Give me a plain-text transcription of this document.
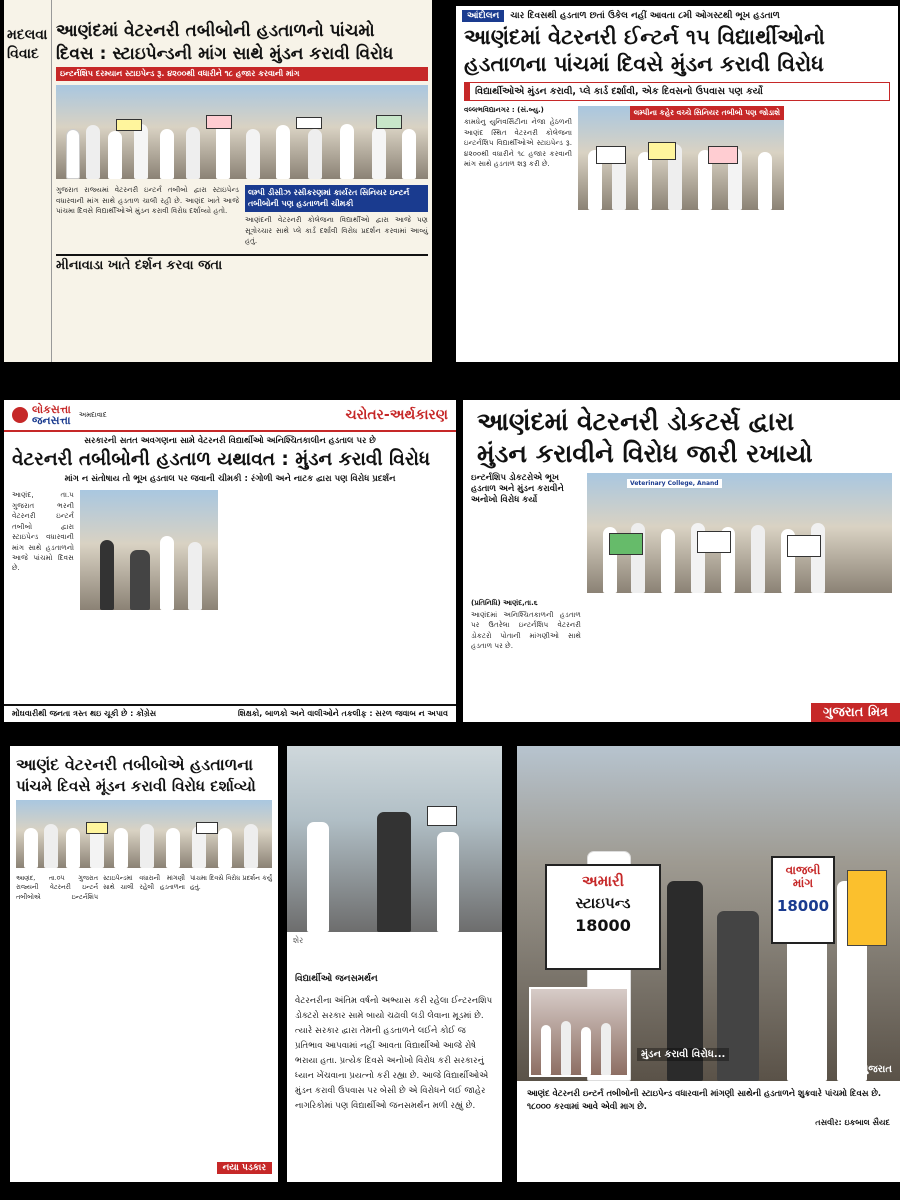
મદલવા
વિવાદ

આણંદમાં વેટરનરી તબીબોની હડતાળનો પાંચમો
દિવસ : સ્ટાઇપેન્ડની માંગ સાથે મુંડન કરાવી વિરોધ
ઇન્ટર્નશિપ દરમ્યાન સ્ટાઇપેન્ડ રૂ. ૪૨૦૦થી વધારીને ૧૮ હજાર કરવાની માંગ
ગુજરાત રાજ્યમાં વેટરનરી ઇન્ટર્ન તબીબો દ્વારા સ્ટાઇપેન્ડ વધારવાની માંગ સાથે હડતાળ ચાલી રહી છે. આણંદ ખાતે આજે પાંચમા દિવસે વિદ્યાર્થીઓએ મુંડન કરાવી વિરોધ દર્શાવ્યો હતો.
લમ્પી ડીસીઝ રસીકરણમાં કાર્યરત સિનિયર ઇન્ટર્ન તબીબોની પણ હડતાળની ચીમકી
આણંદની વેટરનરી કોલેજના વિદ્યાર્થીઓ દ્વારા આજે પણ સૂત્રોચ્ચાર સાથે પ્લે કાર્ડ દર્શાવી વિરોધ પ્રદર્શન કરવામાં આવ્યું હતું.
મીનાવાડા ખાતે દર્શન કરવા જતા
આંદોલન	ચાર દિવસથી હડતાળ છતાં ઉકેલ નહીં આવતા ૮મી ઓગસ્ટથી ભૂખ હડતાળ
આણંદમાં વેટરનરી ઈન્ટર્ન ૧૫ વિદ્યાર્થીઓનો
હડતાળના પાંચમાં દિવસે મુંડન કરાવી વિરોધ
વિદ્યાર્થીઓએ મુંડન કરાવી, પ્લે કાર્ડ દર્શાવી, એક દિવસનો ઉપવાસ પણ કર્યો
વલ્લભવિદ્યાનગર : (સં.બ્યુ.)
કામધેનુ યુનિવર્સિટીના નેજા હેઠળની આણંદ સ્થિત વેટરનરી કોલેજના ઇન્ટર્નશિપ વિદ્યાર્થીઓએ સ્ટાઇપેન્ડ રૂ. ૪૨૦૦થી વધારીને ૧૮ હજાર કરવાની માંગ સાથે હડતાળ શરૂ કરી છે.
લમ્પીના કહેર વચ્ચે સિનિયર તબીબો પણ જોડાશે

લોકસત્તા
જનસત્તા અમદાવાદ	ચરોતર-અર્થકારણ
સરકારની સતત અવગણના સામે વેટરનરી વિદ્યાર્થીઓ અનિશ્ચિતકાલીન હડતાલ પર છે
વેટરનરી તબીબોની હડતાળ યથાવત : મુંડન કરાવી વિરોધ
માંગ ન સંતોષાય તો ભૂખ હડતાલ પર જવાની ચીમકી : રંગોળી અને નાટક દ્વારા પણ વિરોધ પ્રદર્શન
આણંદ, તા.૫ ગુજરાત ભરની વેટરનરી ઇન્ટર્ન તબીબો દ્વારા સ્ટાઇપેન્ડ વધારવાની માંગ સાથે હડતાળનો આજે પાંચમો દિવસ છે.
મોંઘવારીથી જનતા ત્રસ્ત થઇ ચૂકી છે : કોંગ્રેસ	શિક્ષકો, બાળકો અને વાલીઓને તકલીફ : સરળ જવાબ ન અપાવ
આણંદમાં વેટરનરી ડોકટર્સ દ્વારા
મુંડન કરાવીને વિરોધ જારી રખાયો
ઇન્ટર્નશિપ ડોકટરોએ ભૂખ હડતાળ અને મુંડન કરાવીને અનોખો વિરોધ કર્યો
Veterinary College, Anand
(પ્રતિનિધિ) આણંદ,તા.૬
આણંદમાં અનિશ્ચિતકાળની હડતાળ પર ઉતરેલા ઇન્ટર્નશિપ વેટરનરી ડોકટરો પોતાની માંગણીઓ સાથે હડતાળ પર છે.
ગુજરાત મિત્ર
આણંદ વેટરનરી તબીબોએ હડતાળના
પાંચમે દિવસે મૂંડન કરાવી વિરોધ દર્શાવ્યો
આણંદ, તા.૦૫ ગુજરાત રાજ્યની વેટરનરી ઇન્ટર્ન તબીબોએ ઇન્ટર્નશિપ સ્ટાઇપેન્ડમાં વધારાની માંગણી સાથે ચાલી રહેલી હડતાળના પાંચમા દિવસે વિરોધ પ્રદર્શન કર્યું હતું.
નયા પડકાર
શેર
વિદ્યાર્થીઓ જનસમર્થન
વેટરનરીના અંતિમ વર્ષનો અભ્યાસ કરી રહેલા ઈન્ટરનશિપ ડોક્ટરો સરકાર સામે બાયો ચઢાવી લડી લેવાના મૂડમાં છે. ત્યારે સરકાર દ્વારા તેમની હડતાળને લઈને કોઈ જ પ્રતિભાવ આપવામાં નહીં આવતા વિદ્યાર્થીઓ આજે રોષે ભરાયા હતા. પ્રત્યેક દિવસે અનોખો વિરોધ કરી સરકારનું ધ્યાન ખેંચવાના પ્રયત્નો કરી રહ્યા છે. આજે વિદ્યાર્થીઓએ મુંડન કરાવી ઉપવાસ પર બેસી છે એ વિરોધને લઈ જાહેર નાગરિકોમાં પણ વિદ્યાર્થીઓ જનસમર્થન મળી રહ્યું છે.
અમારી
સ્ટાઇપન્ડ
18000
વાજબી માંગ
18000
મુંડન કરાવી વિરોધ...
નવગુજરાત
આણંદ વેટરનરી ઇન્ટર્ન તબીબોની સ્ટાઇપેન્ડ વધારવાની માંગણી સાથેની હડતાળને શુક્રવારે પાંચમો દિવસ છે. ૧૮૦૦૦ કરવામાં આવે એવી માગ છે.
તસવીર: ઇકબાલ સૈયદ
